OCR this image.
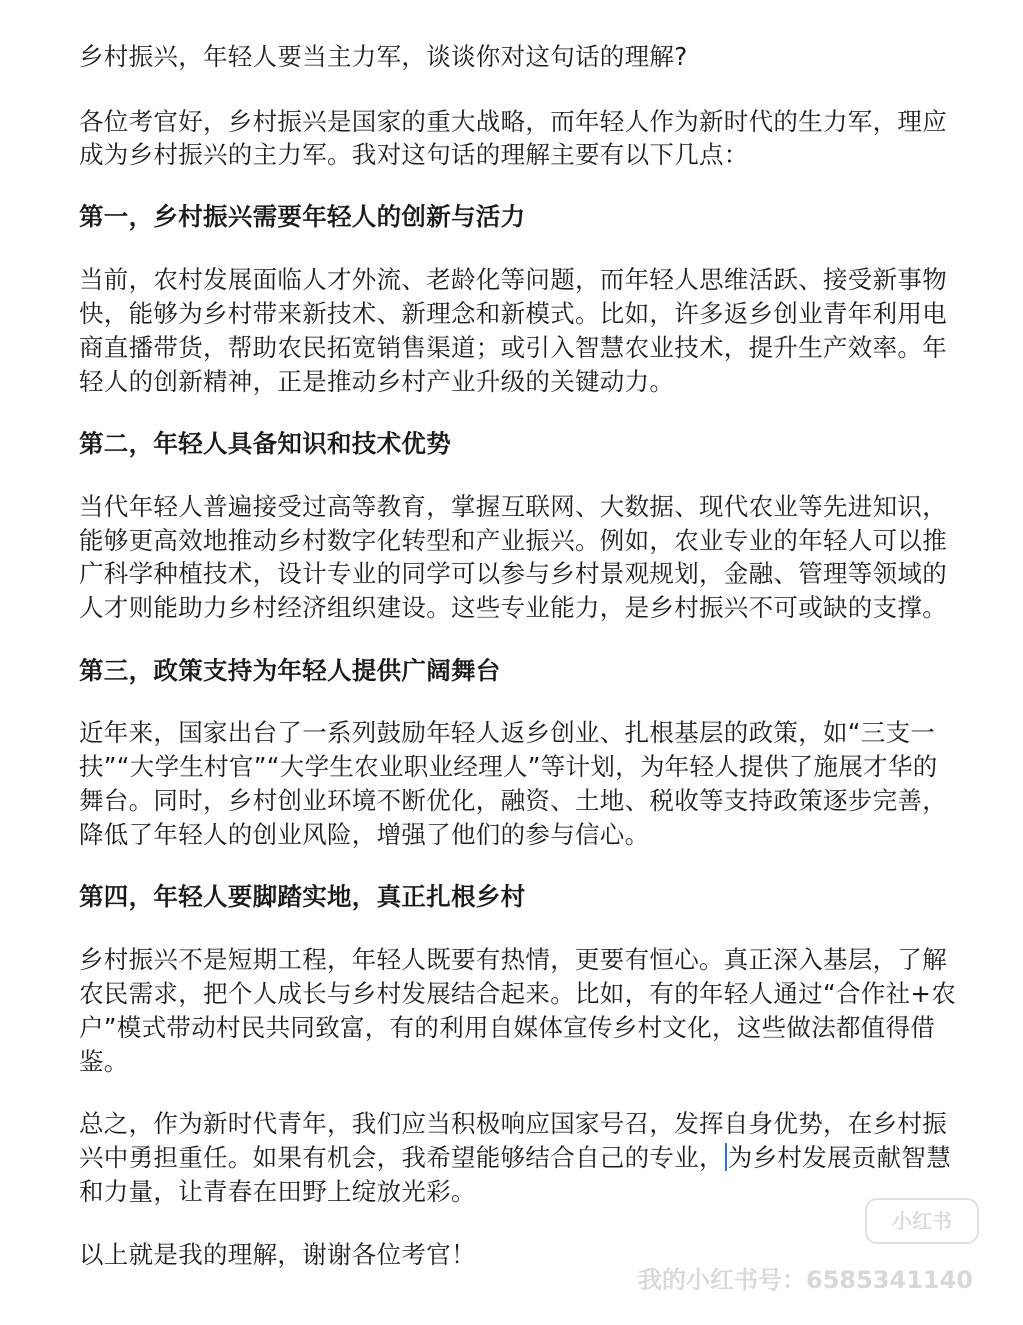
乡村振兴，年轻人要当主力军，谈谈你对这句话的理解?

各位考官好，乡村振兴是国家的重大战略，而年轻人作为新时代的生力军，理应

成为乡村振兴的主力军。我对这句话的理解主要有以下几点：

第一，乡村振兴需要年轻人的创新与活力

当前，农村发展面临人才外流、老龄化等问题，而年轻人思维活跃、接受新事物

快，能够为乡村带来新技术、新理念和新模式。比如，许多返乡创业青年利用电

商直播带货，帮助农民拓宽销售渠道；或引入智慧农业技术，提升生产效率。年

轻人的创新精神，正是推动乡村产业升级的关键动力。

第二，年轻人具备知识和技术优势

当代年轻人普遍接受过高等教育，掌握互联网、大数据、现代农业等先进知识，

能够更高效地推动乡村数字化转型和产业振兴。例如，农业专业的年轻人可以推

广科学种植技术，设计专业的同学可以参与乡村景观规划，金融、管理等领域的

人才则能助力乡村经济组织建设。这些专业能力，是乡村振兴不可或缺的支撑。

第三，政策支持为年轻人提供广阔舞台

近年来，国家出台了一系列鼓励年轻人返乡创业、扎根基层的政策，如“三支一

扶”“大学生村官”“大学生农业职业经理人”等计划，为年轻人提供了施展才华的

舞台。同时，乡村创业环境不断优化，融资、土地、税收等支持政策逐步完善，

降低了年轻人的创业风险，增强了他们的参与信心。

第四，年轻人要脚踏实地，真正扎根乡村

乡村振兴不是短期工程，年轻人既要有热情，更要有恒心。真正深入基层，了解

农民需求，把个人成长与乡村发展结合起来。比如，有的年轻人通过“合作社+农

户”模式带动村民共同致富，有的利用自媒体宣传乡村文化，这些做法都值得借

鉴。

总之，作为新时代青年，我们应当积极响应国家号召，发挥自身优势，在乡村振

兴中勇担重任。如果有机会，我希望能够结合自己的专业， 为乡村发展贡献智慧

和力量，让青春在田野上绽放光彩。

以上就是我的理解，谢谢各位考官！

小红书
我的小红书号：6585341140
